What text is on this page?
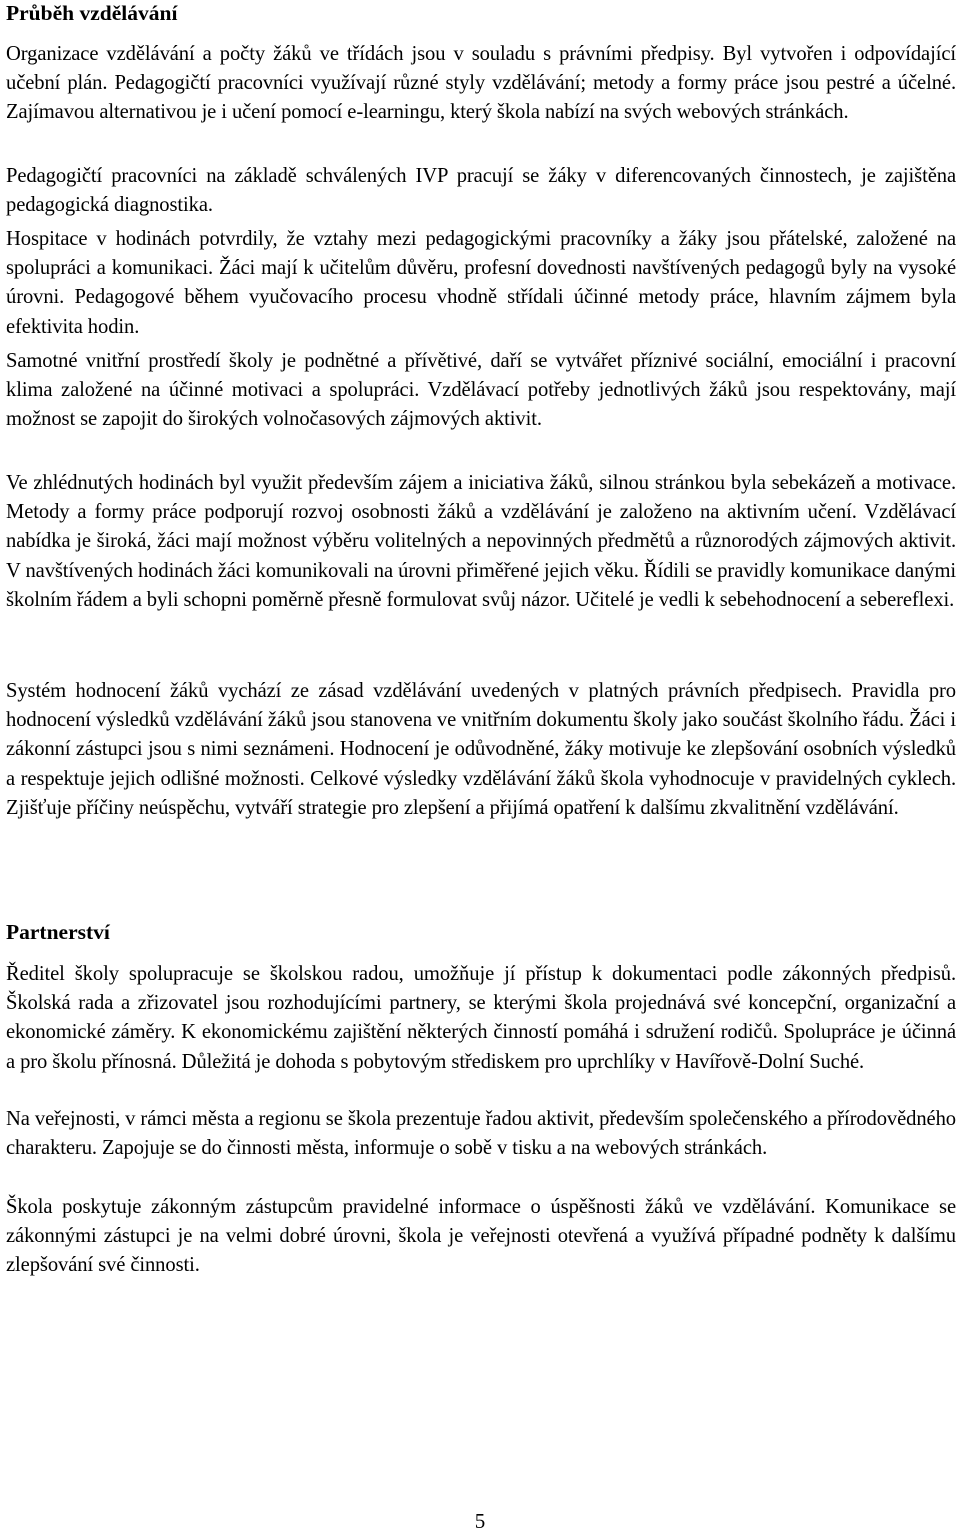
Průběh vzdělávání

Organizace vzdělávání a počty žáků ve třídách jsou v souladu s právními předpisy. Byl vytvořen i odpovídající učební plán. Pedagogičtí pracovníci využívají různé styly vzdělávání; metody a formy práce jsou pestré a účelné. Zajímavou alternativou je i učení pomocí e-learningu, který škola nabízí na svých webových stránkách.

Pedagogičtí pracovníci na základě schválených IVP pracují se žáky v diferencovaných činnostech, je zajištěna pedagogická diagnostika.

Hospitace v hodinách potvrdily, že vztahy mezi pedagogickými pracovníky a žáky jsou přátelské, založené na spolupráci a komunikaci. Žáci mají k učitelům důvěru, profesní dovednosti navštívených pedagogů byly na vysoké úrovni. Pedagogové během vyučovacího procesu vhodně střídali účinné metody práce, hlavním zájmem byla efektivita hodin.

Samotné vnitřní prostředí školy je podnětné a přívětivé, daří se vytvářet příznivé sociální, emociální i pracovní klima založené na účinné motivaci a spolupráci. Vzdělávací potřeby jednotlivých žáků jsou respektovány, mají možnost se zapojit do širokých volnočasových zájmových aktivit.

Ve zhlédnutých hodinách byl využit především zájem a iniciativa žáků, silnou stránkou byla sebekázeň a motivace. Metody a formy práce podporují rozvoj osobnosti žáků a vzdělávání je založeno na aktivním učení. Vzdělávací nabídka je široká, žáci mají možnost výběru volitelných a nepovinných předmětů a různorodých zájmových aktivit. V navštívených hodinách žáci komunikovali na úrovni přiměřené jejich věku. Řídili se pravidly komunikace danými školním řádem a byli schopni poměrně přesně formulovat svůj názor. Učitelé je vedli k sebehodnocení a sebereflexi.

Systém hodnocení žáků vychází ze zásad vzdělávání uvedených v platných právních předpisech. Pravidla pro hodnocení výsledků vzdělávání žáků jsou stanovena ve vnitřním dokumentu školy jako součást školního řádu. Žáci i zákonní zástupci jsou s nimi seznámeni. Hodnocení je odůvodněné, žáky motivuje ke zlepšování osobních výsledků a respektuje jejich odlišné možnosti. Celkové výsledky vzdělávání žáků škola vyhodnocuje v pravidelných cyklech. Zjišťuje příčiny neúspěchu, vytváří strategie pro zlepšení a přijímá opatření k dalšímu zkvalitnění vzdělávání.

Partnerství

Ředitel školy spolupracuje se školskou radou, umožňuje jí přístup k dokumentaci podle zákonných předpisů. Školská rada a zřizovatel jsou rozhodujícími partnery, se kterými škola projednává své koncepční, organizační a ekonomické záměry. K ekonomickému zajištění některých činností pomáhá i sdružení rodičů. Spolupráce je účinná a pro školu přínosná. Důležitá je dohoda s pobytovým střediskem pro uprchlíky v Havířově-Dolní Suché.

Na veřejnosti, v rámci města a regionu se škola prezentuje řadou aktivit, především společenského a přírodovědného charakteru. Zapojuje se do činnosti města, informuje o sobě v tisku a na webových stránkách.

Škola poskytuje zákonným zástupcům pravidelné informace o úspěšnosti žáků ve vzdělávání. Komunikace se zákonnými zástupci je na velmi dobré úrovni, škola je veřejnosti otevřená a využívá případné podněty k dalšímu zlepšování své činnosti.

5
